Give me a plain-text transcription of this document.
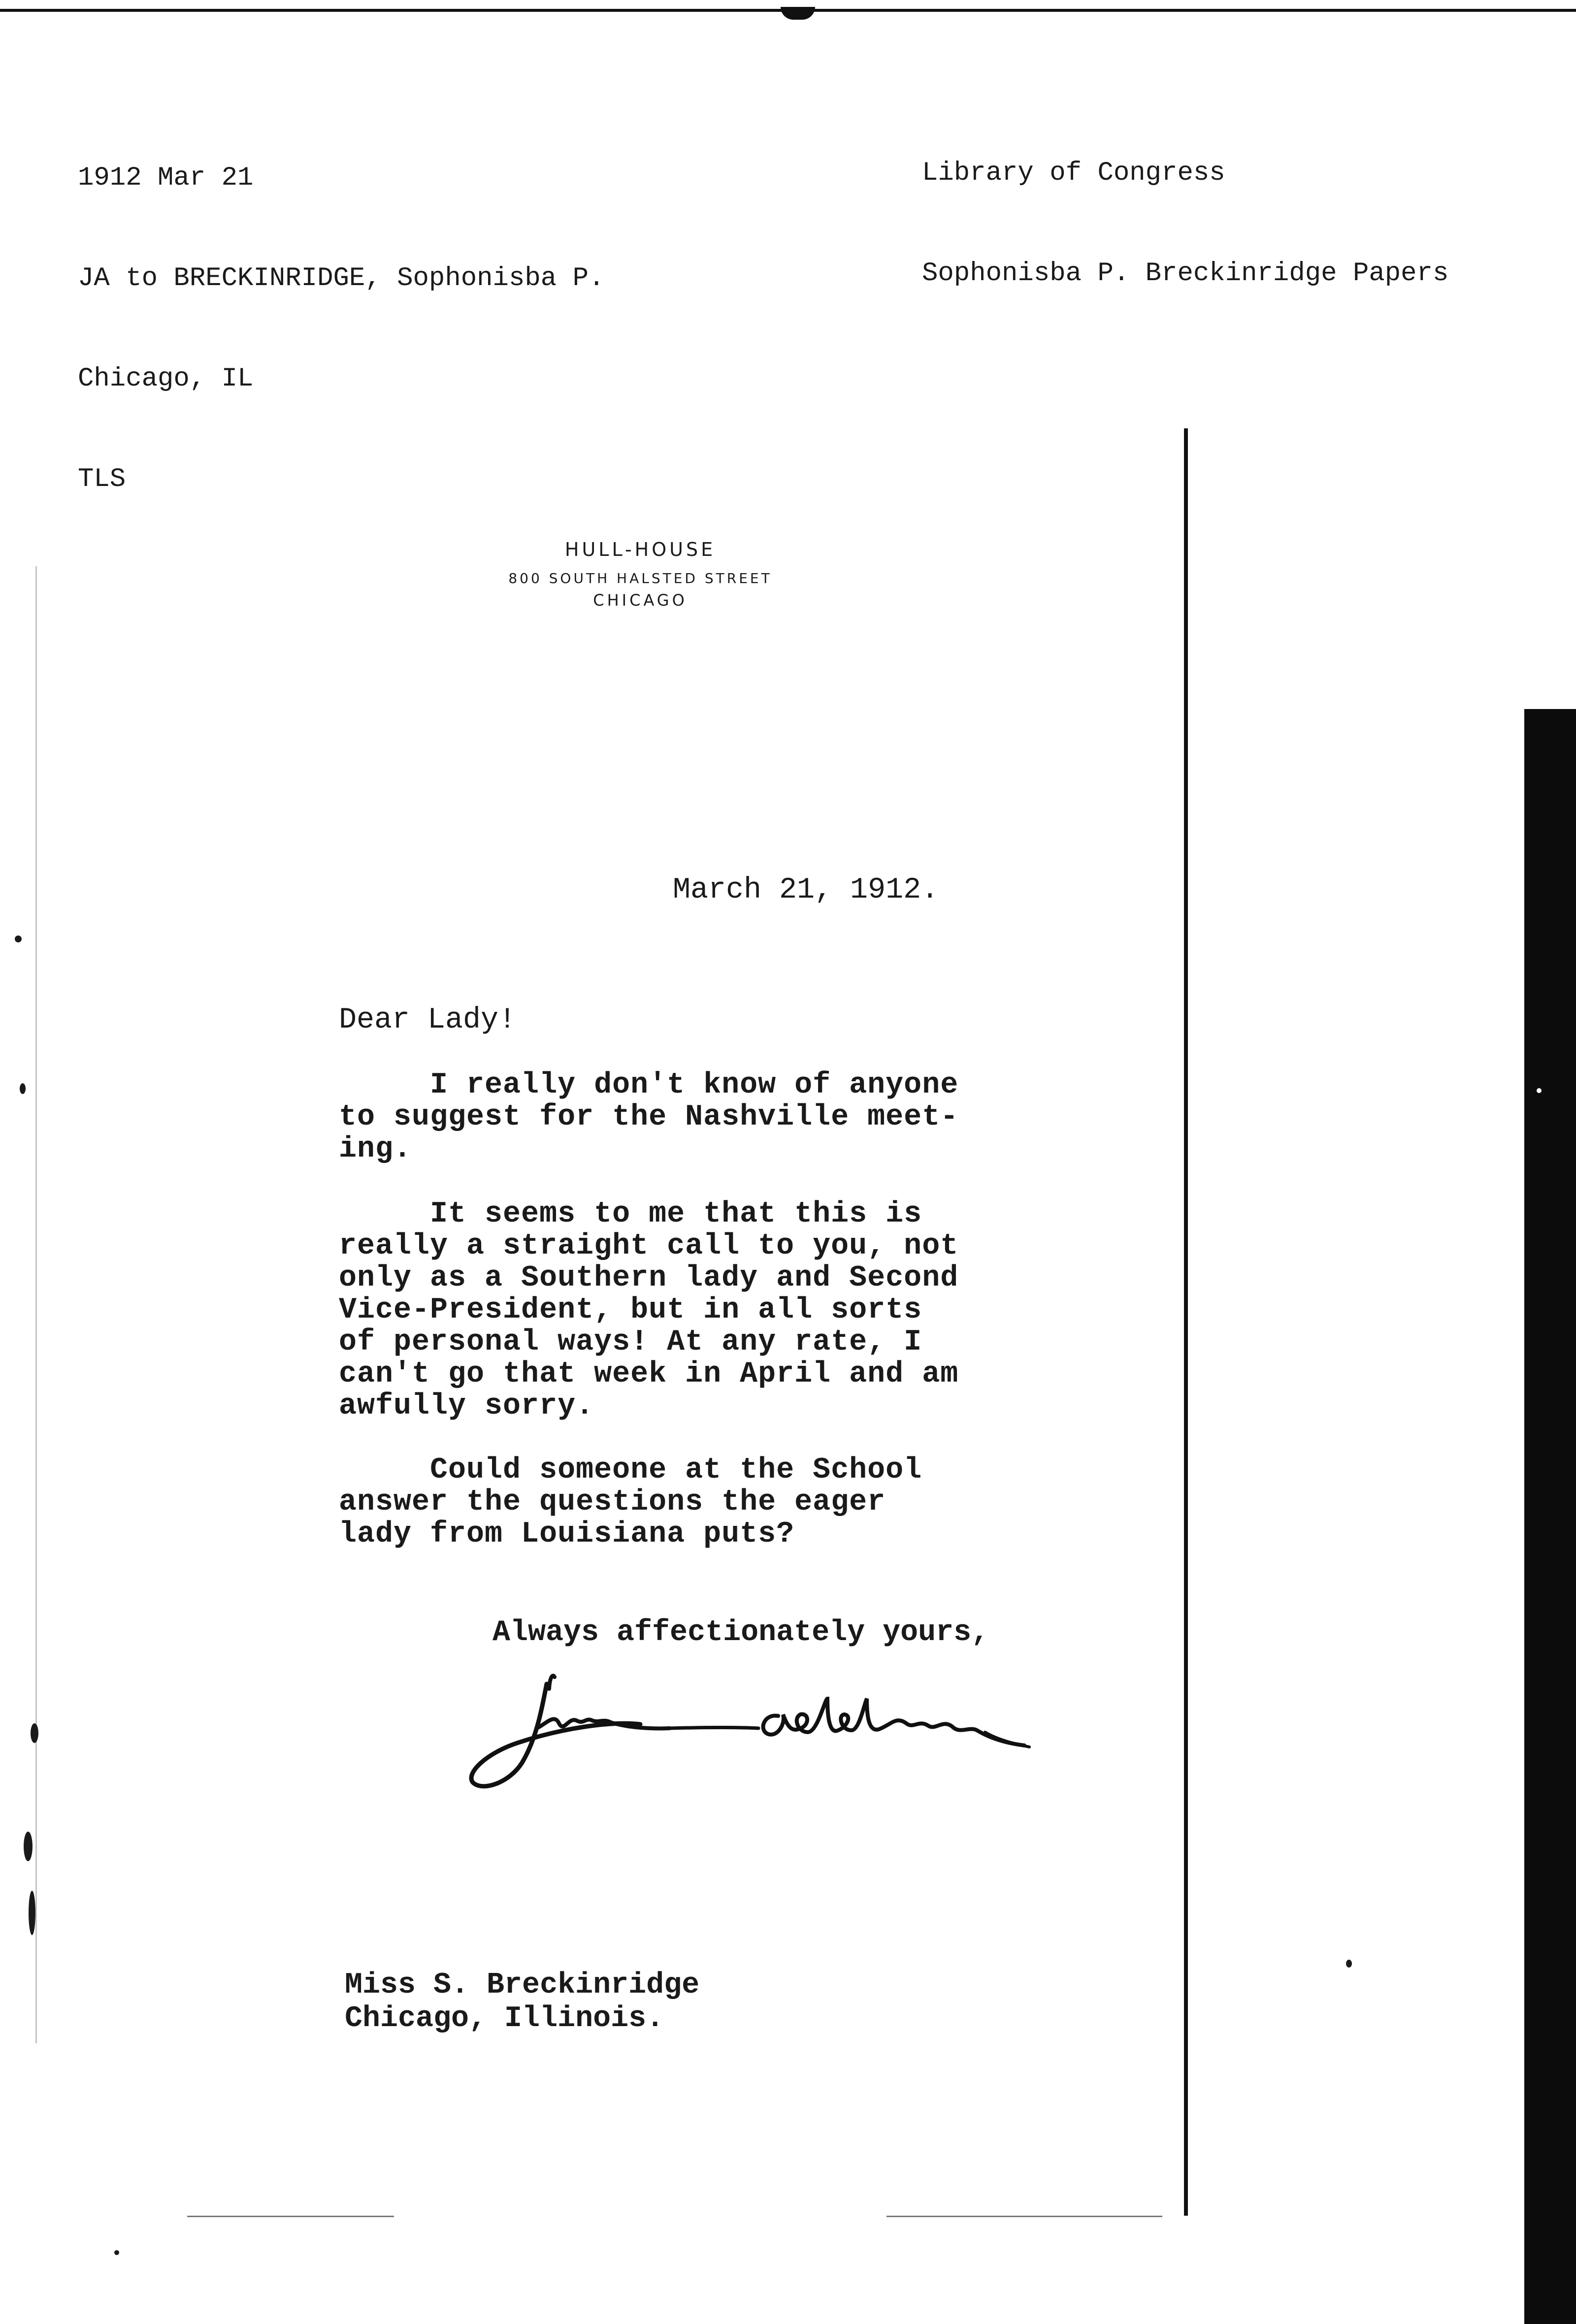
1912 Mar 21

JA to BRECKINRIDGE, Sophonisba P.

Chicago, IL

TLS

Library of Congress

Sophonisba P. Breckinridge Papers

HULL-HOUSE
800 SOUTH HALSTED STREET
CHICAGO
March 21, 1912.
Dear Lady!
I really don't know of anyone
to suggest for the Nashville meet-
ing.
It seems to me that this is
really a straight call to you, not
only as a Southern lady and Second
Vice-President, but in all sorts
of personal ways! At any rate, I
can't go that week in April and am
awfully sorry.
Could someone at the School
answer the questions the eager
lady from Louisiana puts?
Always affectionately yours,
Miss S. Breckinridge
Chicago, Illinois.
